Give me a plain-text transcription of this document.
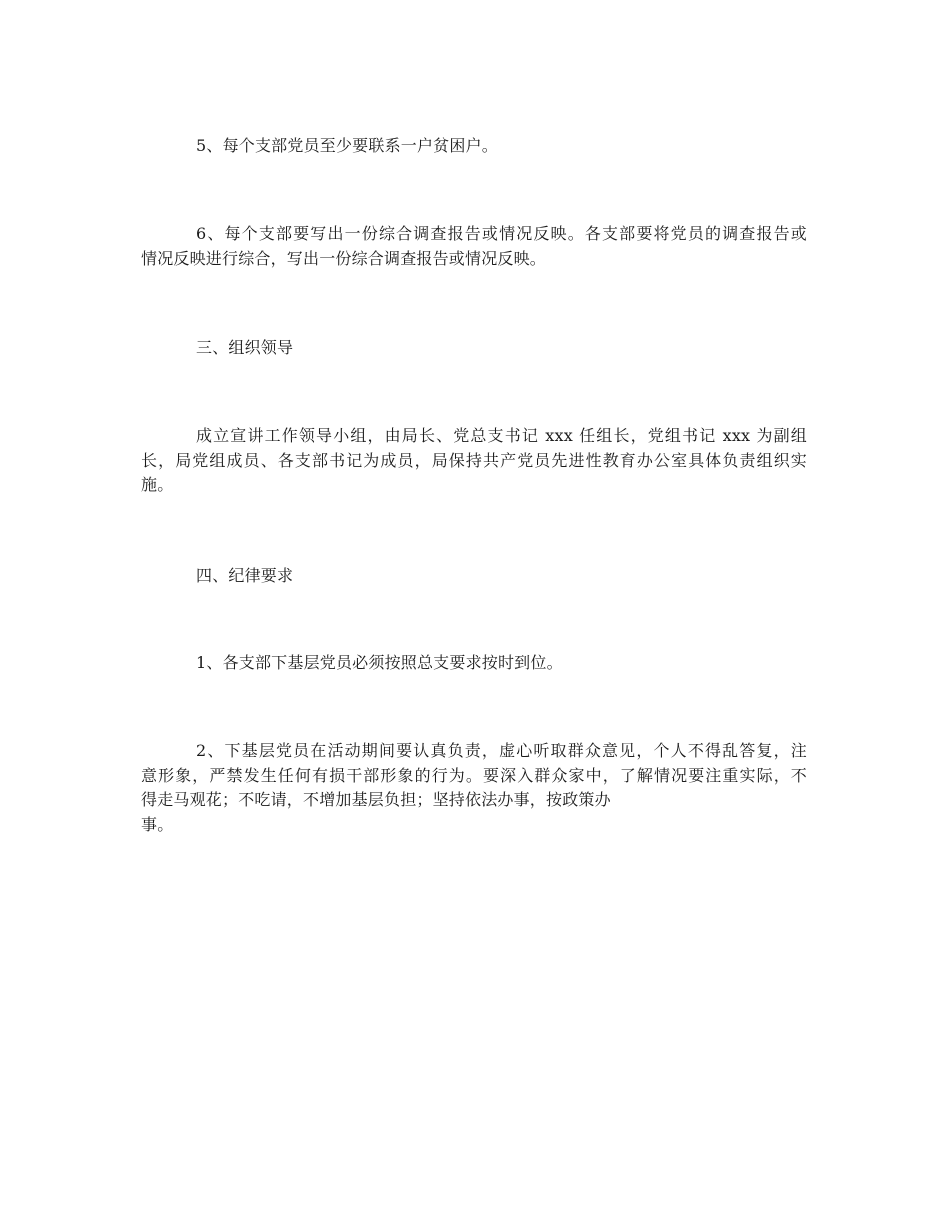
5、每个支部党员至少要联系一户贫困户。

6、每个支部要写出一份综合调查报告或情况反映。各支部要将党员的调查报告或
情况反映进行综合，写出一份综合调查报告或情况反映。

三、组织领导

成立宣讲工作领导小组，由局长、党总支书记 xxx 任组长，党组书记 xxx 为副组
长，局党组成员、各支部书记为成员，局保持共产党员先进性教育办公室具体负责组织实
施。

四、纪律要求

1、各支部下基层党员必须按照总支要求按时到位。

2、下基层党员在活动期间要认真负责，虚心听取群众意见，个人不得乱答复，注
意形象，严禁发生任何有损干部形象的行为。要深入群众家中，了解情况要注重实际，不
得走马观花；不吃请，不增加基层负担；坚持依法办事，按政策办
事。
